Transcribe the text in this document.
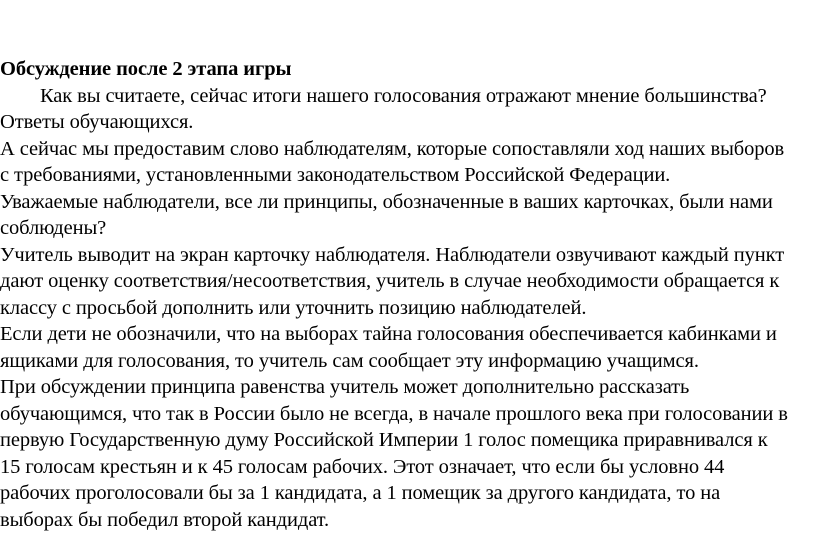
Обсуждение после 2 этапа игры
Как вы считаете, сейчас итоги нашего голосования отражают мнение большинства?
Ответы обучающихся.
А сейчас мы предоставим слово наблюдателям, которые сопоставляли ход наших выборов
с требованиями, установленными законодательством Российской Федерации.
Уважаемые наблюдатели, все ли принципы, обозначенные в ваших карточках, были нами
соблюдены?
Учитель выводит на экран карточку наблюдателя. Наблюдатели озвучивают каждый пункт
дают оценку соответствия/несоответствия, учитель в случае необходимости обращается к
классу с просьбой дополнить или уточнить позицию наблюдателей.
Если дети не обозначили, что на выборах тайна голосования обеспечивается кабинками и
ящиками для голосования, то учитель сам сообщает эту информацию учащимся.
При обсуждении принципа равенства учитель может дополнительно рассказать
обучающимся, что так в России было не всегда, в начале прошлого века при голосовании в
первую Государственную думу Российской Империи 1 голос помещика приравнивался к
15 голосам крестьян и к 45 голосам рабочих. Этот означает, что если бы условно 44
рабочих проголосовали бы за 1 кандидата, а 1 помещик за другого кандидата, то на
выборах бы победил второй кандидат.
